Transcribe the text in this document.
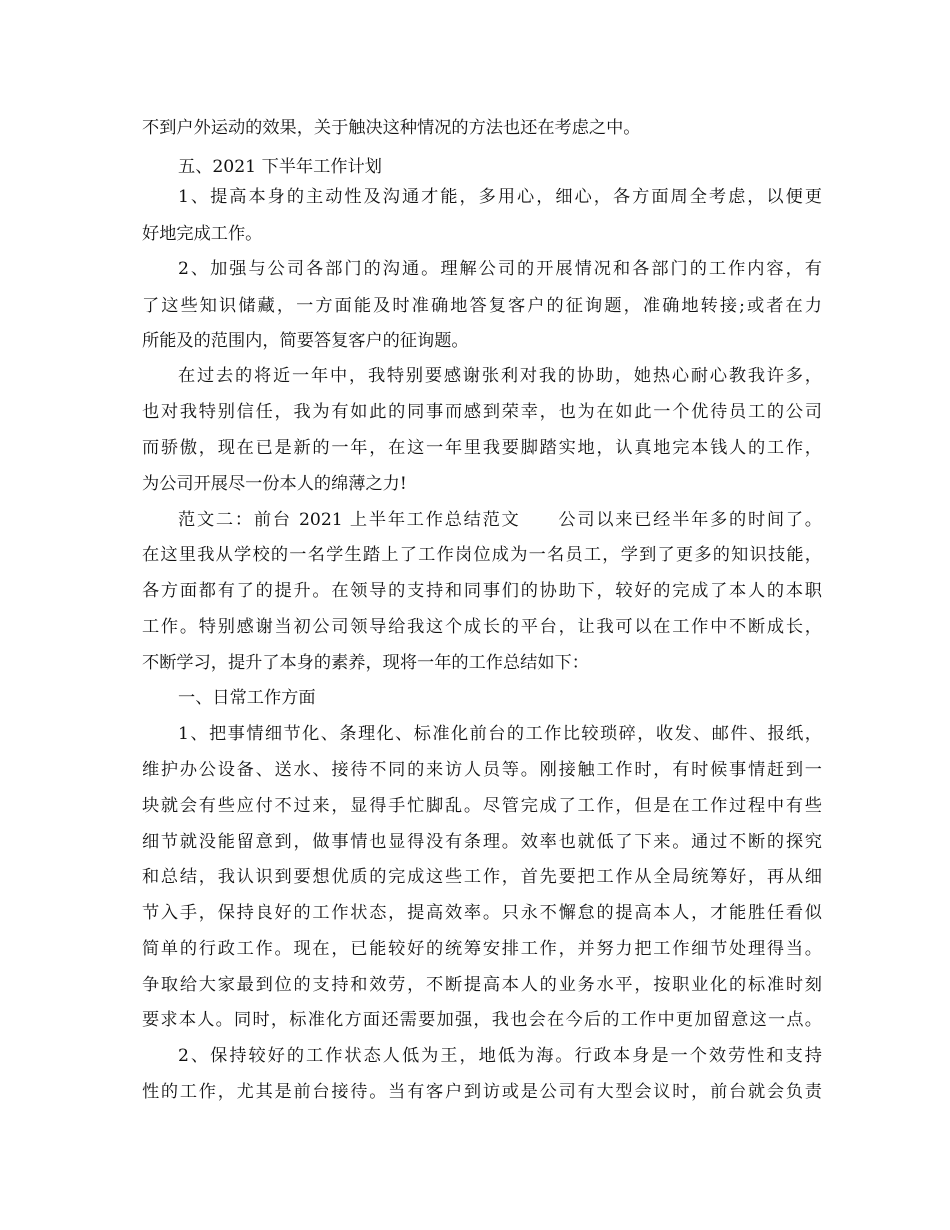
不到户外运动的效果，关于触决这种情况的方法也还在考虑之中。

五、2021 下半年工作计划

1、提高本身的主动性及沟通才能，多用心，细心，各方面周全考虑，以便更

好地完成工作。

2、加强与公司各部门的沟通。理解公司的开展情况和各部门的工作内容，有

了这些知识储藏，一方面能及时准确地答复客户的征询题，准确地转接;或者在力

所能及的范围内，简要答复客户的征询题。

在过去的将近一年中，我特别要感谢张利对我的协助，她热心耐心教我许多，

也对我特别信任，我为有如此的同事而感到荣幸，也为在如此一个优待员工的公司

而骄傲，现在已是新的一年，在这一年里我要脚踏实地，认真地完本钱人的工作，

为公司开展尽一份本人的绵薄之力!

范文二：前台 2021 上半年工作总结范文　　公司以来已经半年多的时间了。

在这里我从学校的一名学生踏上了工作岗位成为一名员工，学到了更多的知识技能，

各方面都有了的提升。在领导的支持和同事们的协助下，较好的完成了本人的本职

工作。特别感谢当初公司领导给我这个成长的平台，让我可以在工作中不断成长，

不断学习，提升了本身的素养，现将一年的工作总结如下：

一、日常工作方面

1、把事情细节化、条理化、标准化前台的工作比较琐碎，收发、邮件、报纸，

维护办公设备、送水、接待不同的来访人员等。刚接触工作时，有时候事情赶到一

块就会有些应付不过来，显得手忙脚乱。尽管完成了工作，但是在工作过程中有些

细节就没能留意到，做事情也显得没有条理。效率也就低了下来。通过不断的探究

和总结，我认识到要想优质的完成这些工作，首先要把工作从全局统筹好，再从细

节入手，保持良好的工作状态，提高效率。只永不懈怠的提高本人，才能胜任看似

简单的行政工作。现在，已能较好的统筹安排工作，并努力把工作细节处理得当。

争取给大家最到位的支持和效劳，不断提高本人的业务水平，按职业化的标准时刻

要求本人。同时，标准化方面还需要加强，我也会在今后的工作中更加留意这一点。

2、保持较好的工作状态人低为王，地低为海。行政本身是一个效劳性和支持

性的工作，尤其是前台接待。当有客户到访或是公司有大型会议时，前台就会负责
